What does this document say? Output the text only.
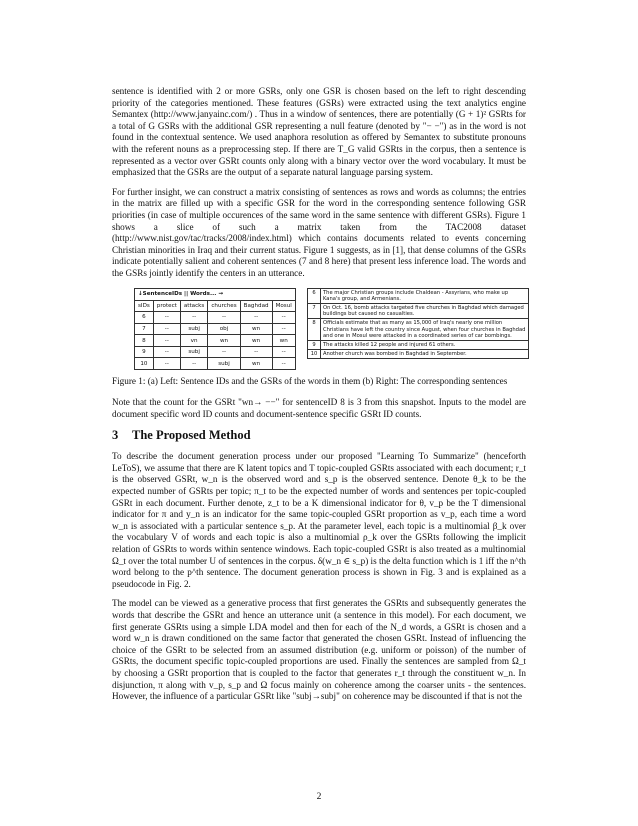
sentence is identified with 2 or more GSRs, only one GSR is chosen based on the left to right descending priority of the categories mentioned. These features (GSRs) were extracted using the text analytics engine Semantex (http://www.janyainc.com/) . Thus in a window of sentences, there are potentially (G + 1)² GSRts for a total of G GSRs with the additional GSR representing a null feature (denoted by "− −") as in the word is not found in the contextual sentence. We used anaphora resolution as offered by Semantex to substitute pronouns with the referent nouns as a preprocessing step. If there are T_G valid GSRts in the corpus, then a sentence is represented as a vector over GSRt counts only along with a binary vector over the word vocabulary. It must be emphasized that the GSRs are the output of a separate natural language parsing system.

For further insight, we can construct a matrix consisting of sentences as rows and words as columns; the entries in the matrix are filled up with a specific GSR for the word in the corresponding sentence following GSR priorities (in case of multiple occurences of the same word in the same sentence with different GSRs). Figure 1 shows a slice of such a matrix taken from the TAC2008 dataset (http://www.nist.gov/tac/tracks/2008/index.html) which contains documents related to events concerning Christian minorities in Iraq and their current status. Figure 1 suggests, as in [1], that dense columns of the GSRs indicate potentially salient and coherent sentences (7 and 8 here) that present less inference load. The words and the GSRs jointly identify the centers in an utterance.

↓SentenceIDs || Words... →					
sIDs	protect	attacks	churches	Baghdad	Mosul
6	--	--	--	--	--
7	--	subj	obj	wn	--
8	--	vn	wn	wn	wn
9	--	subj	--	--	--
10	--	--	subj	wn	--
6	The major Christian groups include Chaldean - Assyrians, who make up Kana's group, and Armenians.
7	On Oct. 16, bomb attacks targeted five churches in Baghdad which damaged buildings but caused no casualties.
8	Officials estimate that as many as 15,000 of Iraq's nearly one million Christians have left the country since August, when four churches in Baghdad and one in Mosul were attacked in a coordinated series of car bombings.
9	The attacks killed 12 people and injured 61 others.
10	Another church was bombed in Baghdad in September.

Figure 1: (a) Left: Sentence IDs and the GSRs of the words in them (b) Right: The corresponding sentences

Note that the count for the GSRt "wn→ −−" for sentenceID 8 is 3 from this snapshot. Inputs to the model are document specific word ID counts and document-sentence specific GSRt ID counts.

3 The Proposed Method

To describe the document generation process under our proposed "Learning To Summarize" (henceforth LeToS), we assume that there are K latent topics and T topic-coupled GSRts associated with each document; r_t is the observed GSRt, w_n is the observed word and s_p is the observed sentence. Denote θ_k to be the expected number of GSRts per topic; π_t to be the expected number of words and sentences per topic-coupled GSRt in each document. Further denote, z_t to be a K dimensional indicator for θ, v_p be the T dimensional indicator for π and y_n is an indicator for the same topic-coupled GSRt proportion as v_p, each time a word w_n is associated with a particular sentence s_p. At the parameter level, each topic is a multinomial β_k over the vocabulary V of words and each topic is also a multinomial ρ_k over the GSRts following the implicit relation of GSRts to words within sentence windows. Each topic-coupled GSRt is also treated as a multinomial Ω_t over the total number U of sentences in the corpus. δ(w_n ∈ s_p) is the delta function which is 1 iff the n^th word belong to the p^th sentence. The document generation process is shown in Fig. 3 and is explained as a pseudocode in Fig. 2.

The model can be viewed as a generative process that first generates the GSRts and subsequently generates the words that describe the GSRt and hence an utterance unit (a sentence in this model). For each document, we first generate GSRts using a simple LDA model and then for each of the N_d words, a GSRt is chosen and a word w_n is drawn conditioned on the same factor that generated the chosen GSRt. Instead of influencing the choice of the GSRt to be selected from an assumed distribution (e.g. uniform or poisson) of the number of GSRts, the document specific topic-coupled proportions are used. Finally the sentences are sampled from Ω_t by choosing a GSRt proportion that is coupled to the factor that generates r_t through the constituent w_n. In disjunction, π along with v_p, s_p and Ω focus mainly on coherence among the coarser units - the sentences. However, the influence of a particular GSRt like "subj→subj" on coherence may be discounted if that is not the

2
